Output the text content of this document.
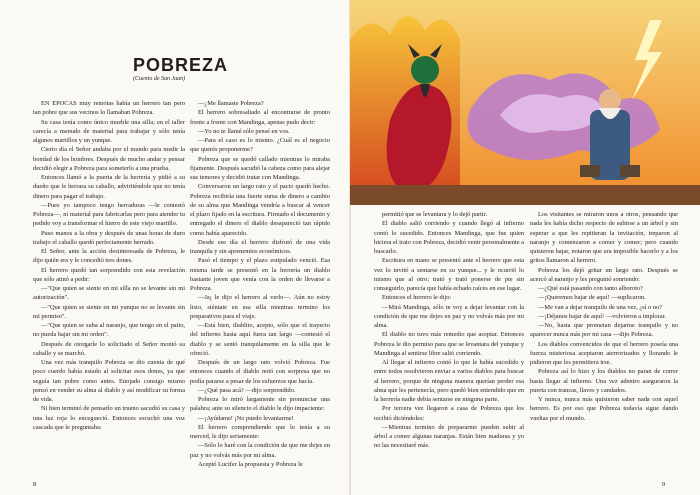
POBREZA

(Cuento de San Juan)

EN EPOCAS muy remotas había un herrero tan pero tan pobre que sus vecinos lo llamaban Pobreza.

Su casa tenía como único mueble una silla; en el taller carecía a menudo de material para trabajar y sólo tenía algunos martillos y un yunque.

Cierto día el Señor andaba por el mundo para medir la bondad de los hombres. Después de mucho andar y pensar decidió elegir a Pobreza para someterlo a una prueba.

Entonces llamó a la puerta de la herrería y pidió a su dueño que le herrara su caballo, advirtiéndole que no tenía dinero para pagar el trabajo.

—Pues yo tampoco tengo herraduras —le contestó Pobreza—, ni material para fabricarlas pero para atender tu pedido voy a transformar el hierro de este viejo martillo.

Puso manos a la obra y después de unas horas de duro trabajo el caballo quedó perfectamente herrado.

El Señor, ante la acción desinteresada de Pobreza, le dijo quién era y le concedió tres dones.

El herrero quedó tan sorprendido con esta revelación que sólo atinó a pedir:

—"Que quien se siente en mi silla no se levante sin mi autorización".

—"Que quien se siente en mi yunque no se levante sin mi permiso".

—"Que quien se suba al naranjo, que tengo en el patio, no pueda bajar sin mi orden".

Después de otorgarle lo solicitado el Señor montó su caballo y se marchó.

Una vez más tranquilo Pobreza se dio cuenta de qué poco cuerdo había estado al solicitar esos dones, ya que seguía tan pobre como antes. Enojado consigo mismo pensó en vender su alma al diablo y así modificar su forma de vida.

Ni bien terminó de pensarlo un trueno sacudió su casa y una luz roja lo encegueció. Entonces escuchó una voz cascada que le preguntaba:

—¿Me llamaste Pobreza?

El herrero sobresaltado al encontrarse de pronto frente a frente con Mandinga, apenas pudo decir:

—Yo no te llamé sólo pensé en vos.

—Para el caso es lo mismo. ¿Cuál es el negocio que querés proponerme?

Pobreza que se quedó callado mientras lo miraba fijamente. Después sacudió la cabeza como para alejar sus temores y decidió tratar con Mandinga.

Conversaron un largo rato y el pacto quedó hecho. Pobreza recibiría una fuerte suma de dinero a cambio de su alma que Mandinga vendría a buscar al vencer el plazo fijado en la escritura. Firmado el documento y entregado el dinero el diablo desapareció tan rápido como había aparecido.

Desde ese día el herrero disfrutó de una vida tranquila y sin aprenemios económicos.

Pasó el tiempo y el plazo estipulado venció. Esa misma tarde se presentó en la herrería un diablo bastante joven que venía con la orden de llevarse a Pobreza.

—Ja¡ le dijo el herrero al verlo—. Aún no estoy listo, siéntate en esa silla mientras termino los preparativos para el viaje.

—Está bien, diablito, acepto, sólo que el trayecto del infierno hasta aquí fuera tan largo —contestó el diablo y se sentó tranquilamente en la silla que le ofreció.

Después de un largo rato volvió Pobreza. Fue entonces cuando el diablo notó con sorpresa que no podía pararse a pesar de los esfuerzos que hacía.

—¿Qué pasa acá? —dijo sorprendido.

Pobreza lo miró largamente sin pronunciar una palabra; ante su silencio el diablo le dijo impaciente:

—¡Ayúdame! ¡No puedo levantarme!

El herrero comprendiendo que lo tenía a su merced, le dijo seriamente:

—Sólo lo haré con la condición de que me dejes en paz y no volvás más por mi alma.

Aceptó Lucifer la propuesta y Pobreza le

8

permitió que se levantara y lo dejó partir.

El diablo salió corriendo y cuando llegó al infierno contó lo sucedido. Entonces Mandinga, que fue quien hiciera el trato con Pobreza, decidió venir personalmente a buscarlo.

Escritura en mano se presentó ante el herrero que esta vez lo invitó a sentarse en su yunque... y le ocurrió lo mismo que al otro; trató y trató ponerse de pie sin conseguirlo, parecía que había echado raíces en ese lugar.

Entonces el herrero le dijo:

—Mirá Mandinga, sólo te voy a dejar levantar con la condición de que me dejes en paz y no volvás más por mi alma.

El diablo no tuvo más remedio que aceptar. Entonces Pobreza le dio permiso para que se levantara del yunque y Mandinga al sentirse libre salió corriendo.

Al llegar al infierno contó lo que le había sucedido y entre todos resolvieron enviar a varios diablos para buscar al herrero, porque de ninguna manera querían perder esa alma que les pertenecía, pero quedó bien entendido que en la herrería nadie debía sentarse en ninguna parte.

Por tercera vez llegaron a casa de Pobreza que los recibió diciéndoles:

—Mientras termino de prepararme pueden subir al árbol a comer algunas naranjas. Están bien maduras y yo no las necesitaré más.

Los visitantes se miraron unos a otros, pensando que nada les había dicho respecto de subirse a un árbol y sin esperar a que les repitieran la invitación, treparon al naranjo y comenzaron a comer y comer; pero cuando quisieron bajar, notaron que era imposible hacerlo y a los gritos llamaron al herrero.

Pobreza los dejó gritar un largo rato. Después se acercó al naranjo y les preguntó sonriendo:

—¿Qué está pasando con tanto alboroto?

—¡Queremos bajar de aquí! —suplicaron.

—Me van a dejar tranquilo de una vez, ¿sí o no?

—¡Déjanos bajar de aquí! —volvieron a implorar.

—No, hasta que prometan dejarme tranquilo y no aparecer nunca más por mi casa —dijo Pobreza.

Los diablos convencidos de que el herrero poseía una fuerza misteriosa aceptaron aterrorizados y llorando le pidieron que les permitiera irse.

Pobreza así lo hizo y los diablos no paran de correr hasta llegar al infierno. Una vez adentro aseguraron la puerta con trancas, llaves y candados.

Y nunca, nunca más quisieron saber nada con aquel herrero. Es por eso que Pobreza todavía sigue dando vueltas por el mundo.

9
